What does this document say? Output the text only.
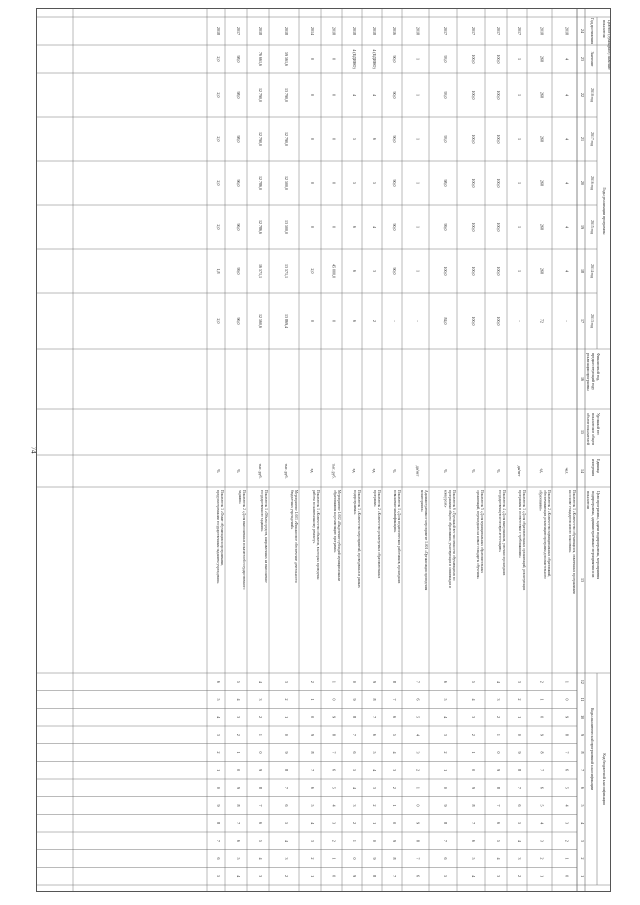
74
Код бюджетной классификации
Коды аналитической программной классификации
Цели программы, задачи подпрограммы, мероприятия
подпрограммы, административные мероприятия и их
показатели
Единица
измерения
Удельный вес
показателя в общем
объеме показателей
Финансовый год,
предшествующий году
реализации программы
Годы реализации программы
2013 год
2014 год
2015 год
2016 год
2017 год
2018 год
Целевое (суммарное) значение
показателя
Значение
Год достижения
1
2
3
4
5
6
7
8
9
10
11
12
13
14
15
16
17
18
19
20
21
22
23
24
0
1
2
3
4
5
6
7
8
9
0
1
Показатель 1 «Количество обучающихся, охваченных программами
на основе стандартов нового поколения»
чел.
-
4
4
4
4
4
4
2018
1
2
3
4
5
6
7
8
9
0
1
2
Показатель 2 «Количество муниципальных образований,
обеспечивающих реализацию программ дополнительного
образования»
ед.
72
268
268
268
268
268
268
2018
2
3
4
5
6
7
8
9
0
1
2
3
Показатель 3 «Доля образовательных организаций, реализующих
программы в соответствии с требованиями»
да/нет
-
1
1
1
1
1
1
2017
3
4
5
6
7
8
9
0
1
2
3
4
Показатель 4 «Доля выпускников, успешно прошедших
государственную итоговую аттестацию»
%
100,0
100,0
100,0
100,0
100,0
100,0
100,0
2017
4
5
6
7
8
9
0
1
2
3
4
5
Показатель 5 «Доля муниципальных образовательных
организаций, перешедших на новые стандарты обучения»
%
100,0
100,0
100,0
100,0
100,0
100,0
100,0
2017
5
6
7
8
9
0
1
2
3
4
5
6
Показатель 6 «Удельный вес численности обучающихся по
программам общего образования, участвующих в олимпиадах и
конкурсах»
%
84,0
100,0
99,0
98,0
93,0
93,0
93,0
2017
6
7
8
9
0
1
2
3
4
5
6
7
Административное мероприятие 1.001 «Организация проведения
мониторинга»
да/нет
-
1
1
1
1
1
1
2018
7
8
9
0
1
2
3
4
5
6
7
8
Показатель 1 «Доля педагогических работников, прошедших
повышение квалификации»
%
-
90,0
90,0
90,0
90,0
90,0
90,0
2016
8
9
0
1
2
3
4
5
6
7
8
9
Показатель 2 «Количество реализуемых образовательных
программ»
ед.
2
3
4
5
6
4
4 (ЕДИНО)
2018
9
0
1
2
3
4
5
6
7
8
9
0
Показатель 3 «Количество мероприятий, проведенных в рамках
подпрограммы»
ед.
6
6
6
5
5
4
4 (ЕДИНО)
2018
0
1
2
3
4
5
6
7
8
9
0
1
Мероприятие 1.002 «Выделение субсидий муниципальным
образованиям на реализацию программ»
тыс. руб.
0
45 000,0
0
0
0
0
0
2018
1
2
3
4
5
6
7
8
9
0
1
2
Показатель 1 «Количество объектов, в которых проведены
работы по капитальному ремонту»
ед.
0
2,0
0
0
0
0
0
2014
2
3
4
5
6
7
8
9
0
1
2
3
Мероприятие 1.003 «Финансовое обеспечение деятельности
бюджетных учреждений»
тыс. руб.
13 869,4
13 571,1
13 500,0
12 500,0
12 790,0
13 790,0
59 561,6
2018
3
4
5
6
7
8
9
0
1
2
3
4
Показатель 1 «Объем средств, направленных на выполнение
государственного задания»
тыс. руб.
12 560,6
16 571,1
12 786,6
12 786,0
12 790,0
12 790,0
76 661,6
2018
4
5
6
7
8
9
0
1
2
3
4
5
Показатель 2 «Доля выполненных показателей государственного
задания»
%
96,0
99,0
96,0
96,0
98,0
98,0
98,0
2017
5
6
7
8
9
0
1
2
3
4
5
6
Показатель 3 «Охват обучающихся программами,
предусмотренными государственным заданием учреждения»
%
2,0
1,8
2,0
2,0
2,0
2,0
2,0
2018
